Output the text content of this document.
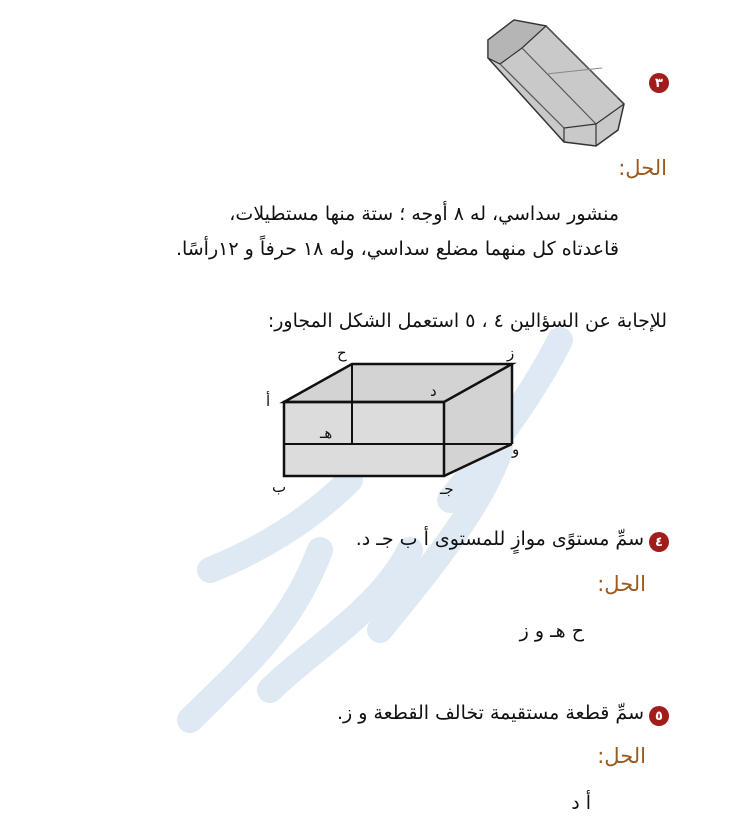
٣
الحل:
منشور سداسي، له ٨ أوجه ؛ ستة منها مستطيلات،
قاعدتاه كل منهما مضلع سداسي، وله ١٨ حرفاً و ١٢رأسًا.
للإجابة عن السؤالين ٤ ، ٥ استعمل الشكل المجاور:
ح	ز
أ
د
هـ
و
ب	جـ
٤
سمِّ مستوًى موازٍ للمستوى أ ب جـ د.
الحل:
ح هـ و ز
٥
سمِّ قطعة مستقيمة تخالف القطعة و ز.
الحل:
أ د
